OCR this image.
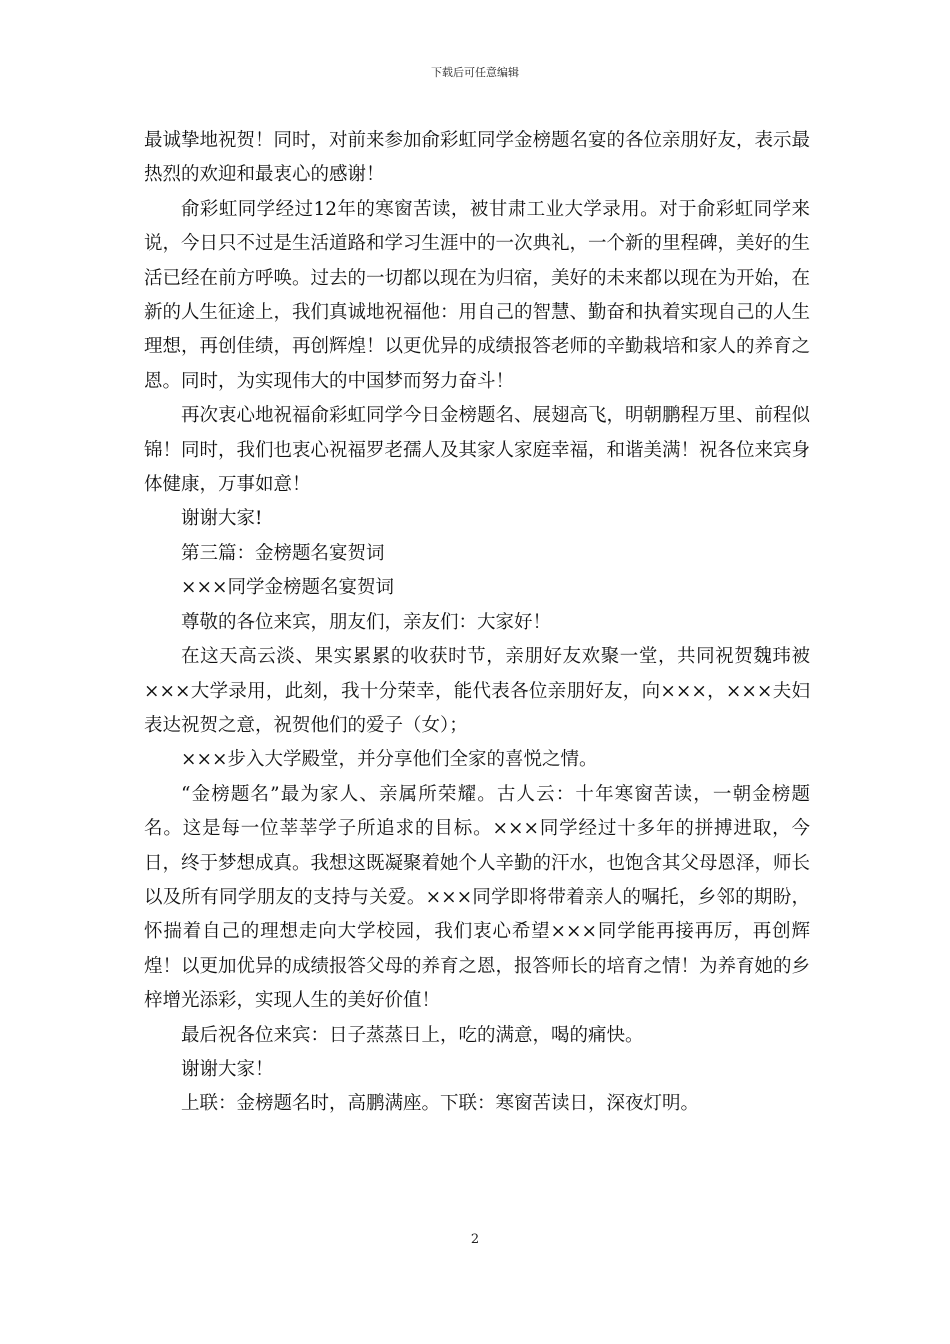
下载后可任意编辑

最诚挚地祝贺！同时，对前来参加俞彩虹同学金榜题名宴的各位亲朋好友，表示最热烈的欢迎和最衷心的感谢！

俞彩虹同学经过12年的寒窗苦读，被甘肃工业大学录用。对于俞彩虹同学来说，今日只不过是生活道路和学习生涯中的一次典礼，一个新的里程碑，美好的生活已经在前方呼唤。过去的一切都以现在为归宿，美好的未来都以现在为开始，在新的人生征途上，我们真诚地祝福他：用自己的智慧、勤奋和执着实现自己的人生理想，再创佳绩，再创辉煌！以更优异的成绩报答老师的辛勤栽培和家人的养育之恩。同时，为实现伟大的中国梦而努力奋斗！

再次衷心地祝福俞彩虹同学今日金榜题名、展翅高飞，明朝鹏程万里、前程似锦！同时，我们也衷心祝福罗老孺人及其家人家庭幸福，和谐美满！祝各位来宾身体健康，万事如意！

谢谢大家!

第三篇：金榜题名宴贺词

×××同学金榜题名宴贺词

尊敬的各位来宾，朋友们，亲友们：大家好！

在这天高云淡、果实累累的收获时节，亲朋好友欢聚一堂，共同祝贺魏玮被×××大学录用，此刻，我十分荣幸，能代表各位亲朋好友，向×××，×××夫妇表达祝贺之意，祝贺他们的爱子（女）；

×××步入大学殿堂，并分享他们全家的喜悦之情。

“金榜题名”最为家人、亲属所荣耀。古人云：十年寒窗苦读，一朝金榜题名。这是每一位莘莘学子所追求的目标。×××同学经过十多年的拼搏进取，今日，终于梦想成真。我想这既凝聚着她个人辛勤的汗水，也饱含其父母恩泽，师长以及所有同学朋友的支持与关爱。×××同学即将带着亲人的嘱托，乡邻的期盼，怀揣着自己的理想走向大学校园，我们衷心希望×××同学能再接再厉，再创辉煌！以更加优异的成绩报答父母的养育之恩，报答师长的培育之情！为养育她的乡梓增光添彩，实现人生的美好价值！

最后祝各位来宾：日子蒸蒸日上，吃的满意，喝的痛快。

谢谢大家！

上联：金榜题名时，高鹏满座。下联：寒窗苦读日，深夜灯明。

2
